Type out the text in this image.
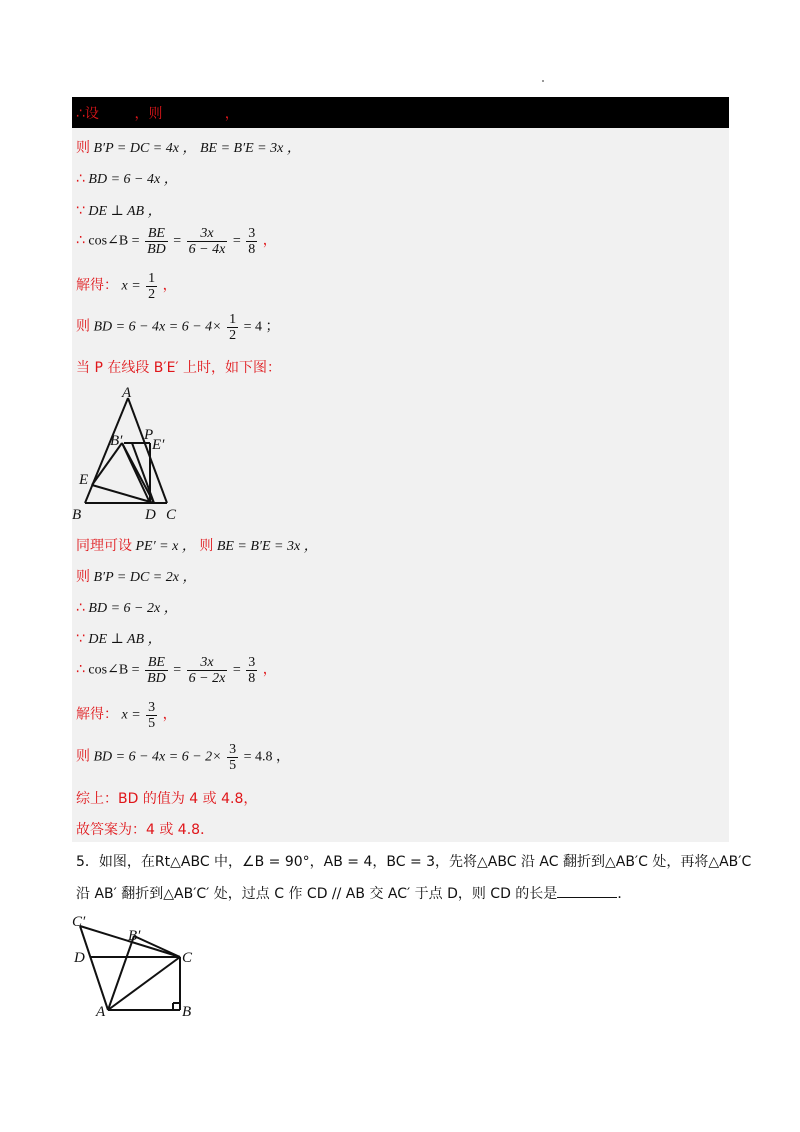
∴设        ，则              ，
则 B′P = DC = 4x ， BE = B′E = 3x ，
∴ BD = 6 − 4x ，
∵ DE ⊥ AB ，
∴ cos∠B = $\frac{BE}{BD} = \frac{3x}{6 - 4x} = \frac{3}{8}$ ，
解得： $x = \frac{1}{2}$ ，
则 BD = $6 - 4x = 6 - 4\times \frac{1}{2} = 4$ ；
当 P 在线段 B′E′ 上时，如下图：
A
B′ P
E′
E
B	D C
同理可设 PE′ = x ， 则 BE = B′E = 3x ，
则 B′P = DC = 2x ，
∴ BD = 6 − 2x ，
∵ DE ⊥ AB ，
∴ cos∠B = $\frac{BE}{BD} = \frac{3x}{6 - 2x} = \frac{3}{8}$ ，
解得： $x = \frac{3}{5}$ ，
则 BD = $6 - 4x = 6 - 2\times \frac{3}{5} = 4.8$ ，
综上：BD 的值为 4 或 4.8，
故答案为：4 或 4.8．
5．如图，在Rt△ABC 中，∠B = 90°，AB = 4，BC = 3，先将△ABC 沿 AC 翻折到△AB′C 处，再将△AB′C
沿 AB′ 翻折到△AB′C′ 处，过点 C 作 CD // AB 交 AC′ 于点 D，则 CD 的长是	．
C′
B′
D	C
A	B
